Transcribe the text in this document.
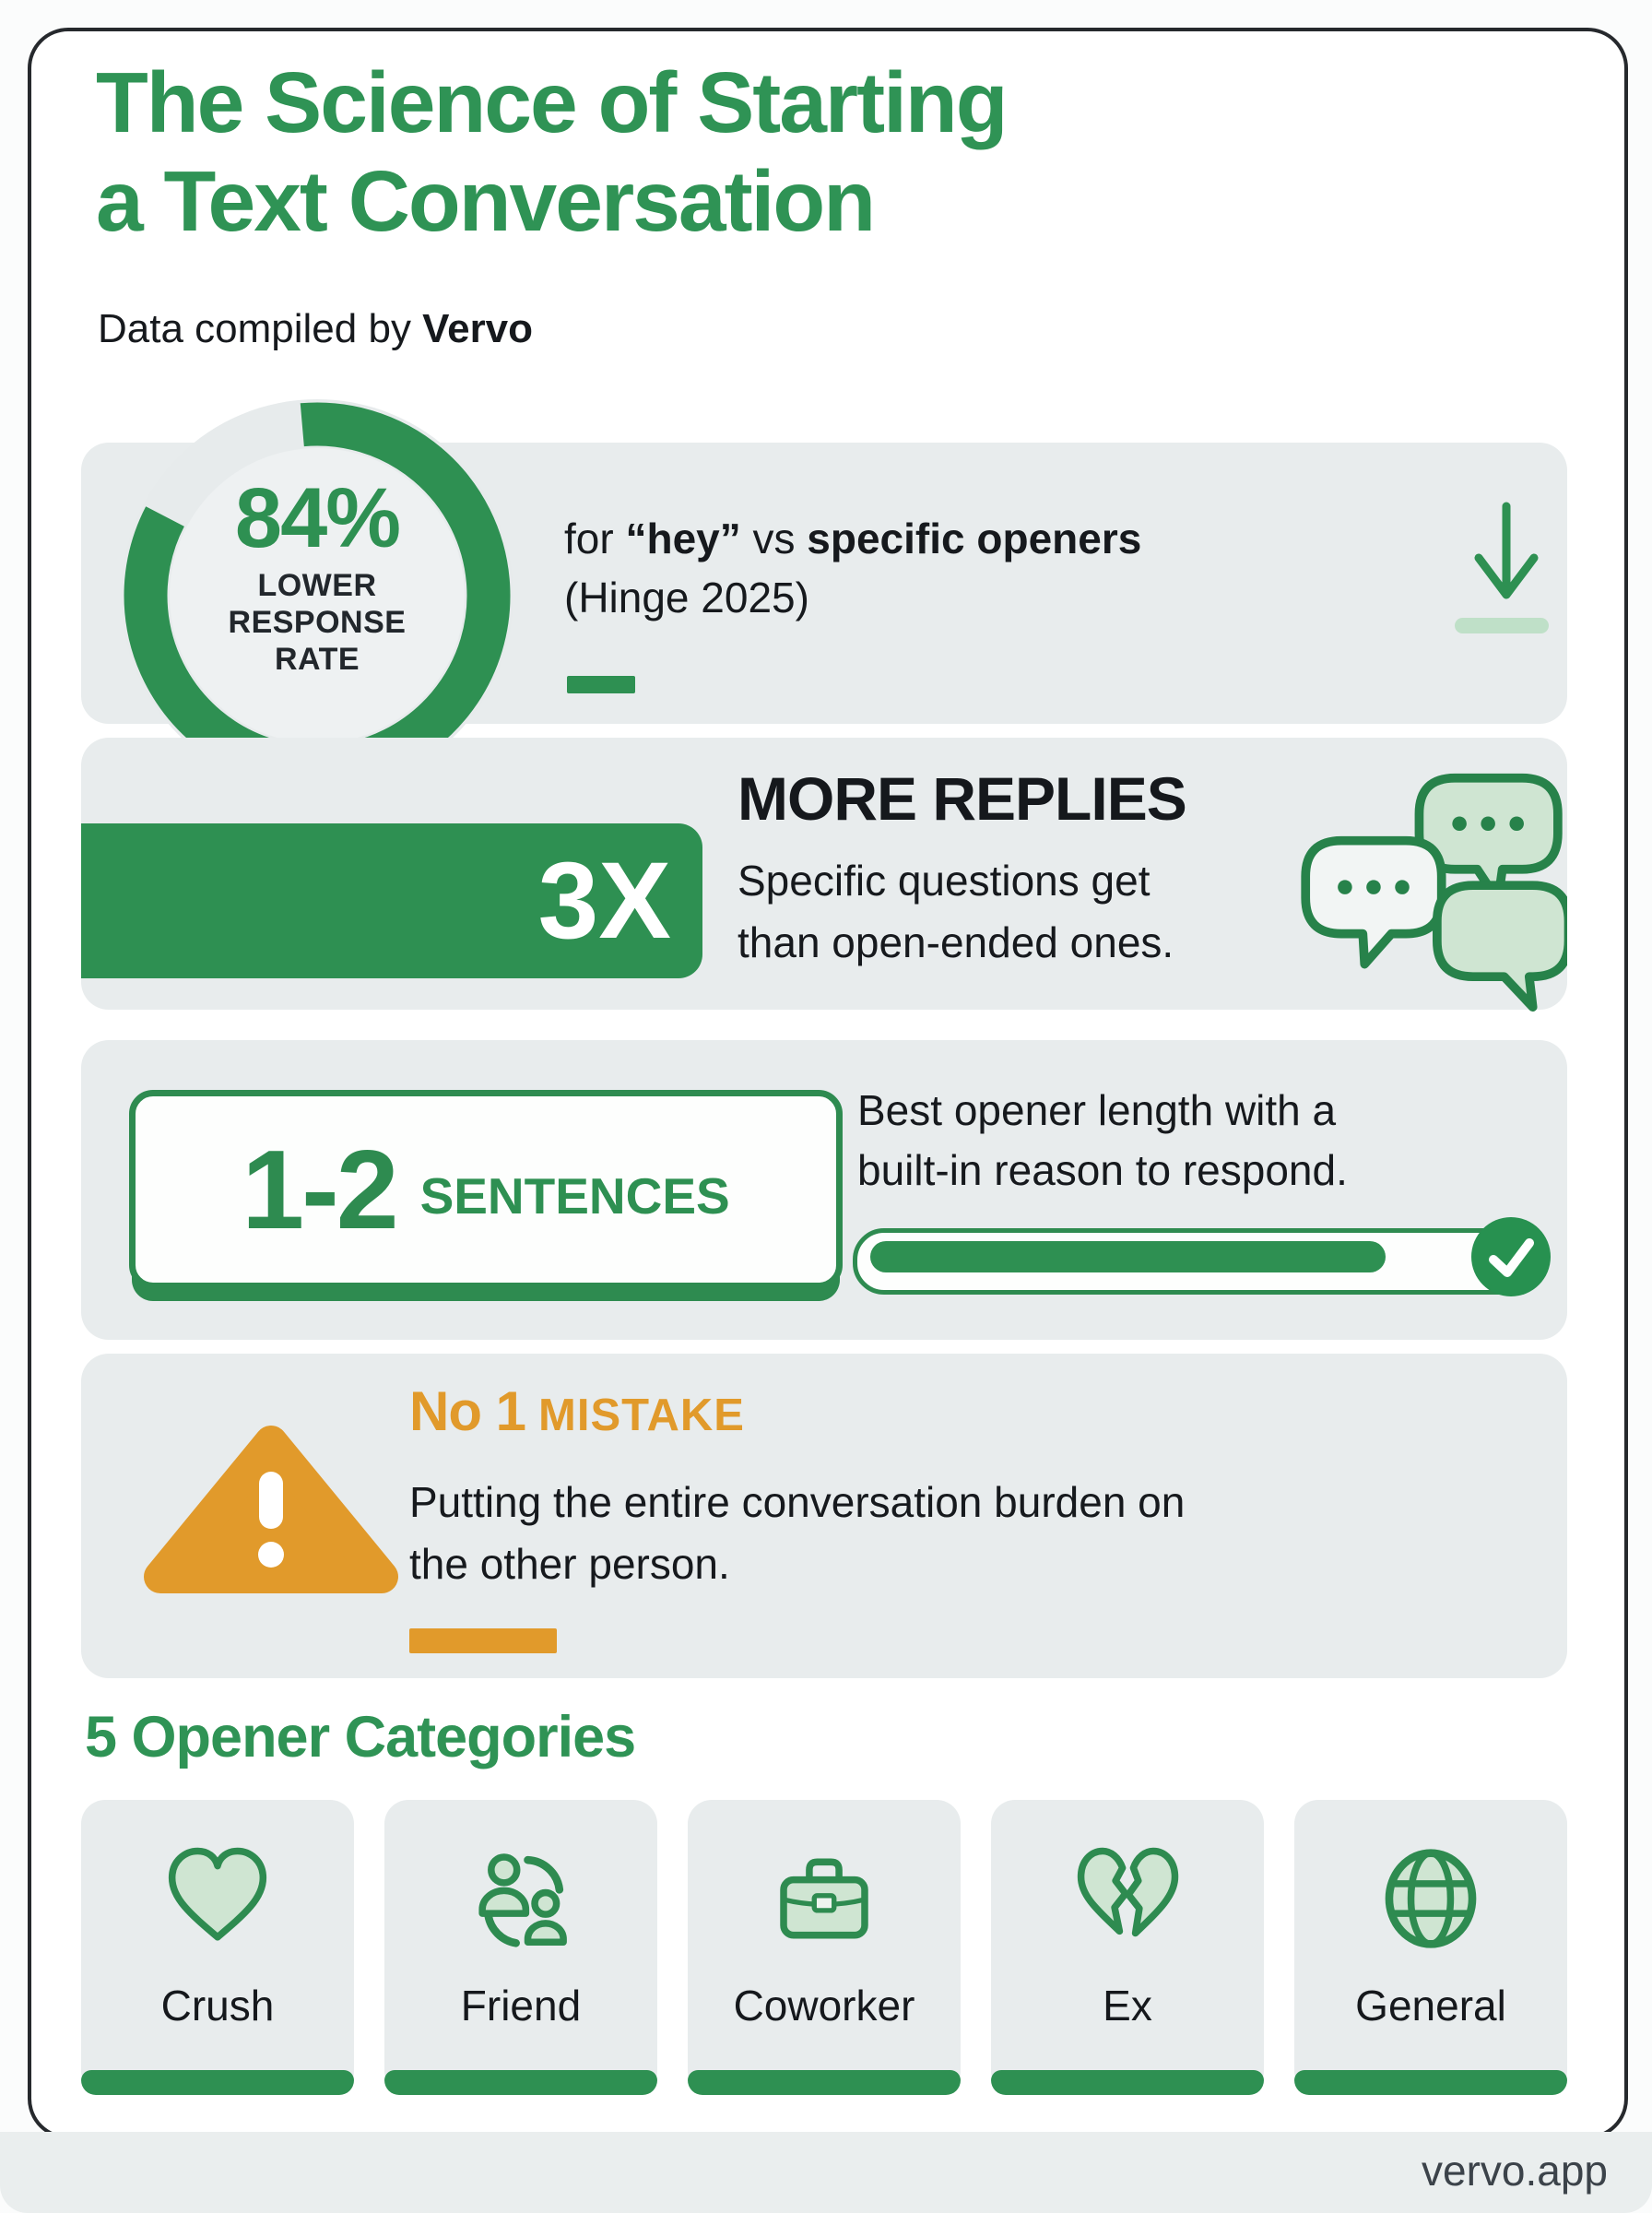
The Science of Starting
a Text Conversation
Data compiled by Vervo
84%
LOWER
RESPONSE
RATE
for “hey” vs specific openers
(Hinge 2025)
3X
MORE REPLIES
Specific questions get
than open-ended ones.
1-2 SENTENCES
Best opener length with a
built-in reason to respond.
No 1 MISTAKE
Putting the entire conversation burden on
the other person.
5 Opener Categories
Crush	Friend	Coworker	Ex	General
vervo.app
